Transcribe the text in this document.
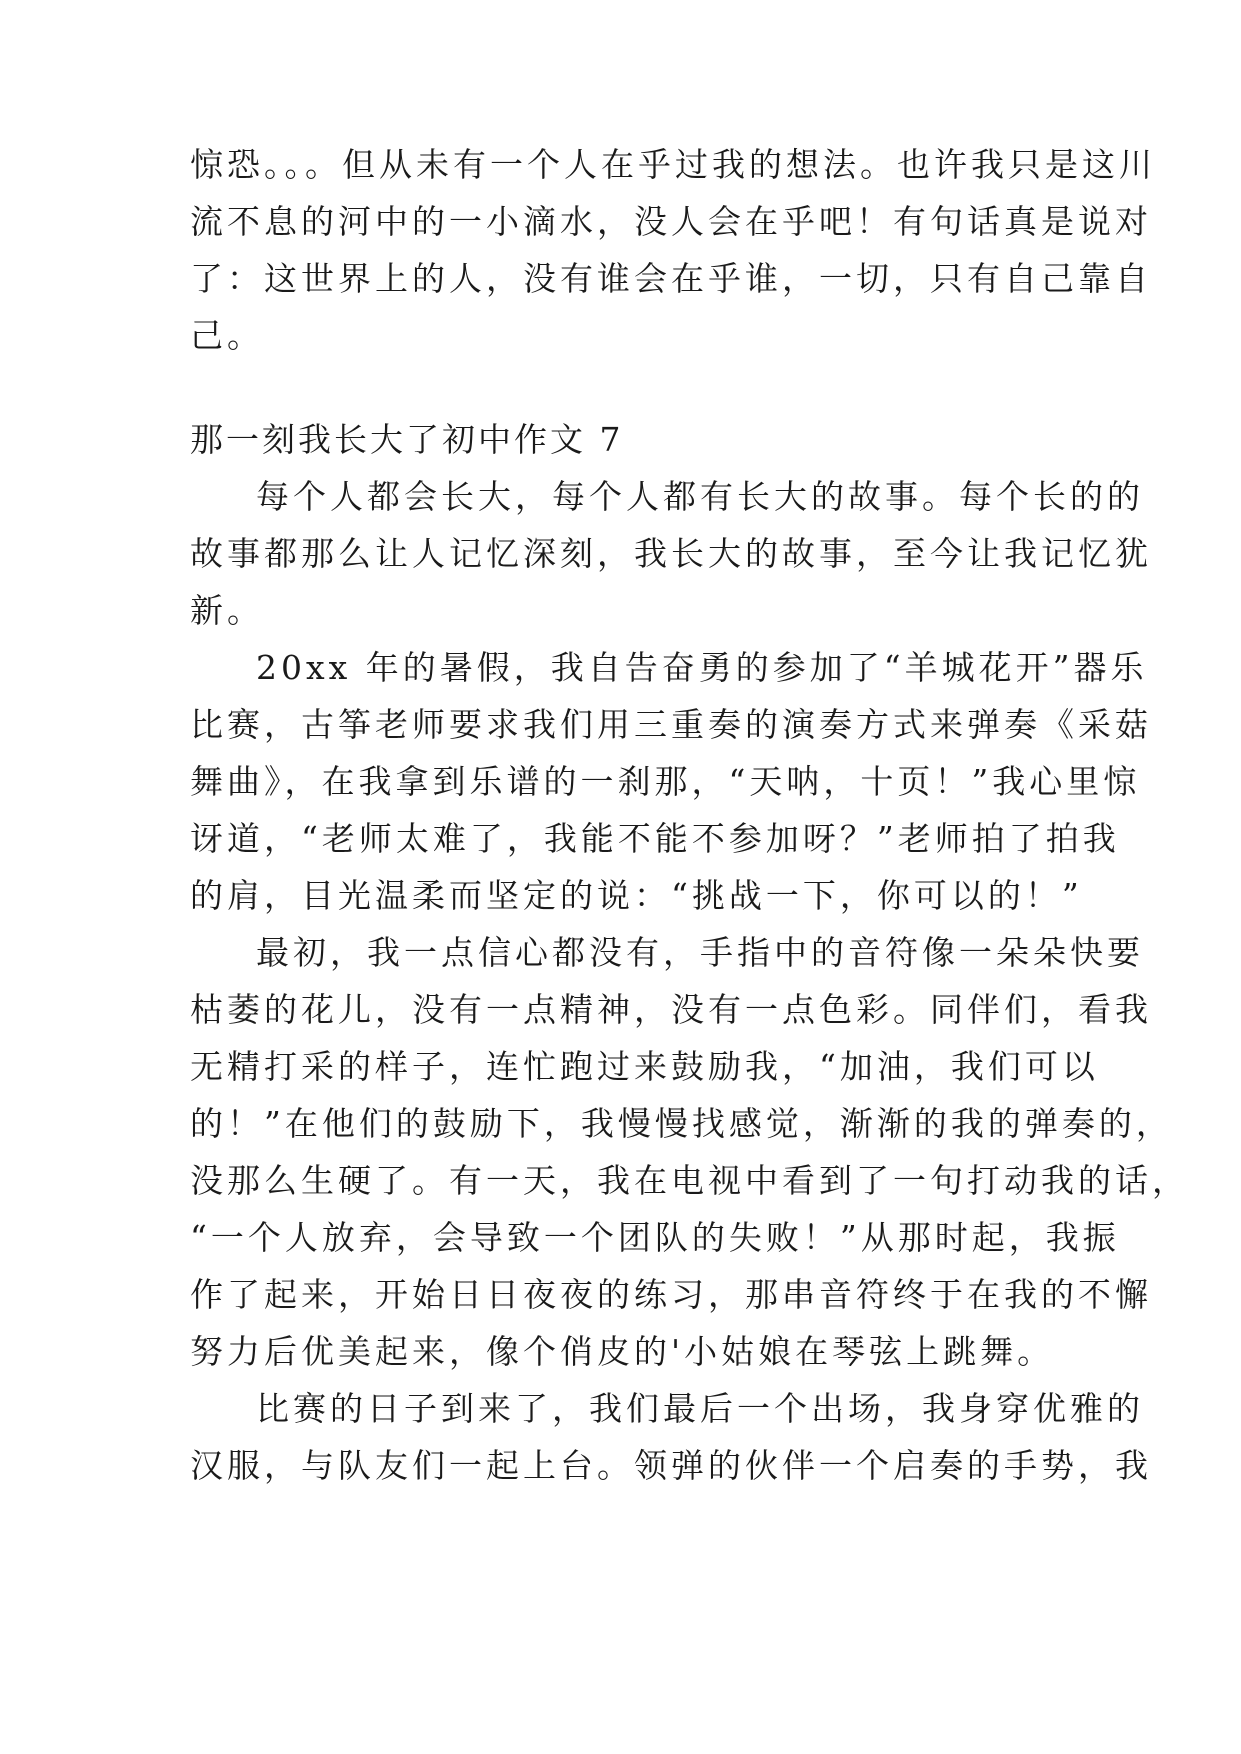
惊恐。。。但从未有一个人在乎过我的想法。也许我只是这川
流不息的河中的一小滴水，没人会在乎吧！有句话真是说对
了：这世界上的人，没有谁会在乎谁，一切，只有自己靠自
己。
那一刻我长大了初中作文 7
每个人都会长大，每个人都有长大的故事。每个长的的
故事都那么让人记忆深刻，我长大的故事，至今让我记忆犹
新。
20xx 年的暑假，我自告奋勇的参加了“羊城花开”器乐
比赛，古筝老师要求我们用三重奏的演奏方式来弹奏《采菇
舞曲》，在我拿到乐谱的一刹那，“天呐，十页！”我心里惊
讶道，“老师太难了，我能不能不参加呀？”老师拍了拍我
的肩，目光温柔而坚定的说：“挑战一下，你可以的！”
最初，我一点信心都没有，手指中的音符像一朵朵快要
枯萎的花儿，没有一点精神，没有一点色彩。同伴们，看我
无精打采的样子，连忙跑过来鼓励我，“加油，我们可以
的！”在他们的鼓励下，我慢慢找感觉，渐渐的我的弹奏的，
没那么生硬了。有一天，我在电视中看到了一句打动我的话，
“一个人放弃，会导致一个团队的失败！”从那时起，我振
作了起来，开始日日夜夜的练习，那串音符终于在我的不懈
努力后优美起来，像个俏皮的'小姑娘在琴弦上跳舞。
比赛的日子到来了，我们最后一个出场，我身穿优雅的
汉服，与队友们一起上台。领弹的伙伴一个启奏的手势，我
